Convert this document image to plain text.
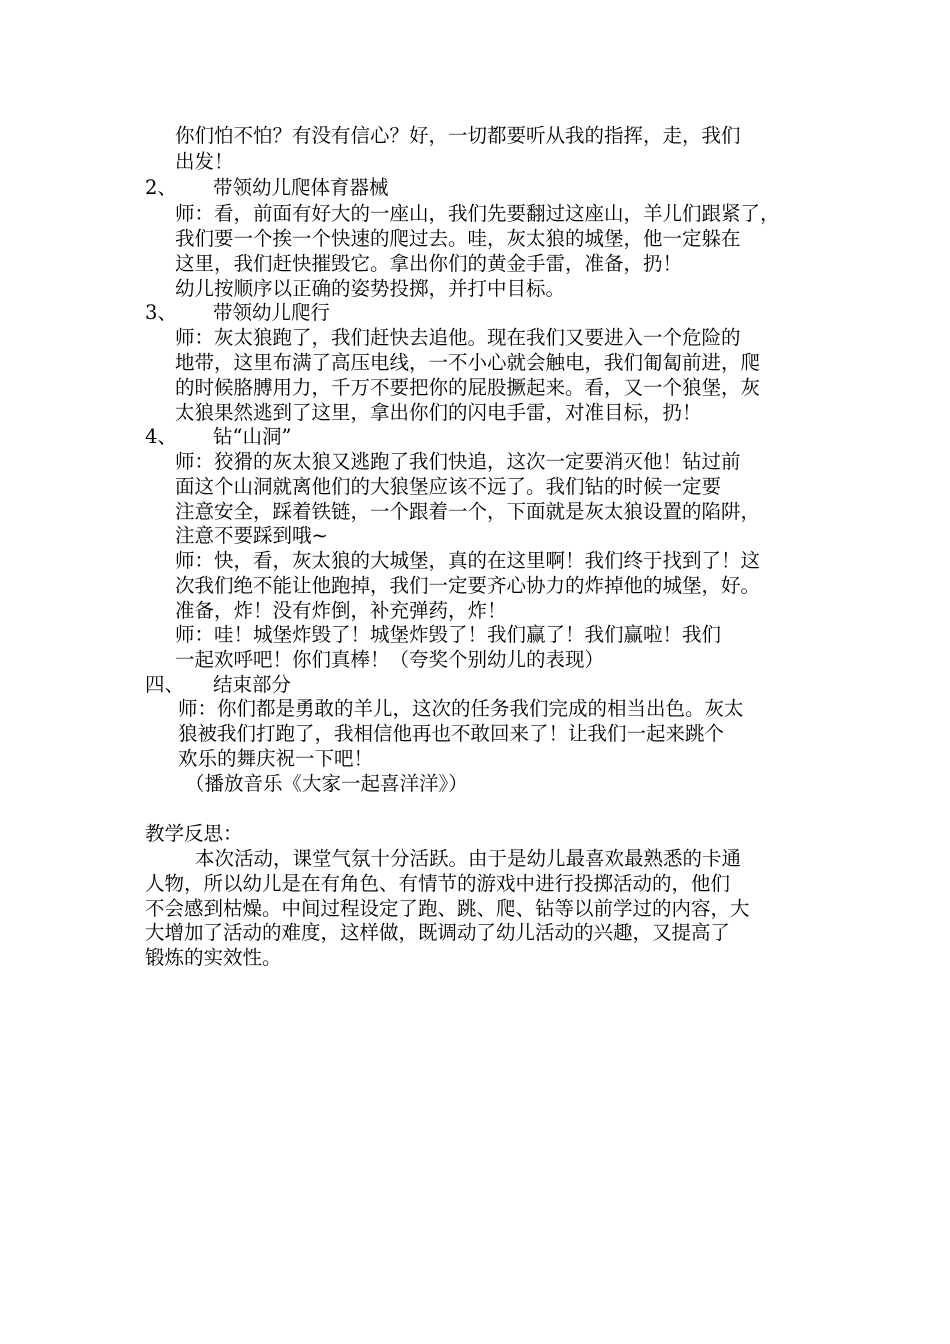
你们怕不怕？有没有信心？好，一切都要听从我的指挥，走，我们

出发！

2、 带领幼儿爬体育器械

师：看，前面有好大的一座山，我们先要翻过这座山，羊儿们跟紧了，

我们要一个挨一个快速的爬过去。哇，灰太狼的城堡，他一定躲在

这里，我们赶快摧毁它。拿出你们的黄金手雷，准备，扔！

幼儿按顺序以正确的姿势投掷，并打中目标。

3、 带领幼儿爬行

师：灰太狼跑了，我们赶快去追他。现在我们又要进入一个危险的

地带，这里布满了高压电线，一不小心就会触电，我们匍匐前进，爬

的时候胳膊用力，千万不要把你的屁股撅起来。看，又一个狼堡，灰

太狼果然逃到了这里，拿出你们的闪电手雷，对准目标，扔！

4、 钻“山洞”

师：狡猾的灰太狼又逃跑了我们快追，这次一定要消灭他！钻过前

面这个山洞就离他们的大狼堡应该不远了。我们钻的时候一定要

注意安全，踩着铁链，一个跟着一个，下面就是灰太狼设置的陷阱，

注意不要踩到哦~

师：快，看，灰太狼的大城堡，真的在这里啊！我们终于找到了！这

次我们绝不能让他跑掉，我们一定要齐心协力的炸掉他的城堡，好。

准备，炸！没有炸倒，补充弹药，炸！

师：哇！城堡炸毁了！城堡炸毁了！我们赢了！我们赢啦！我们

一起欢呼吧！你们真棒！（夸奖个别幼儿的表现）

四、 结束部分

师：你们都是勇敢的羊儿，这次的任务我们完成的相当出色。灰太

狼被我们打跑了，我相信他再也不敢回来了！让我们一起来跳个

欢乐的舞庆祝一下吧！

（播放音乐《大家一起喜洋洋》）

教学反思：

本次活动，课堂气氛十分活跃。由于是幼儿最喜欢最熟悉的卡通

人物，所以幼儿是在有角色、有情节的游戏中进行投掷活动的，他们

不会感到枯燥。中间过程设定了跑、跳、爬、钻等以前学过的内容，大

大增加了活动的难度，这样做，既调动了幼儿活动的兴趣，又提高了

锻炼的实效性。
